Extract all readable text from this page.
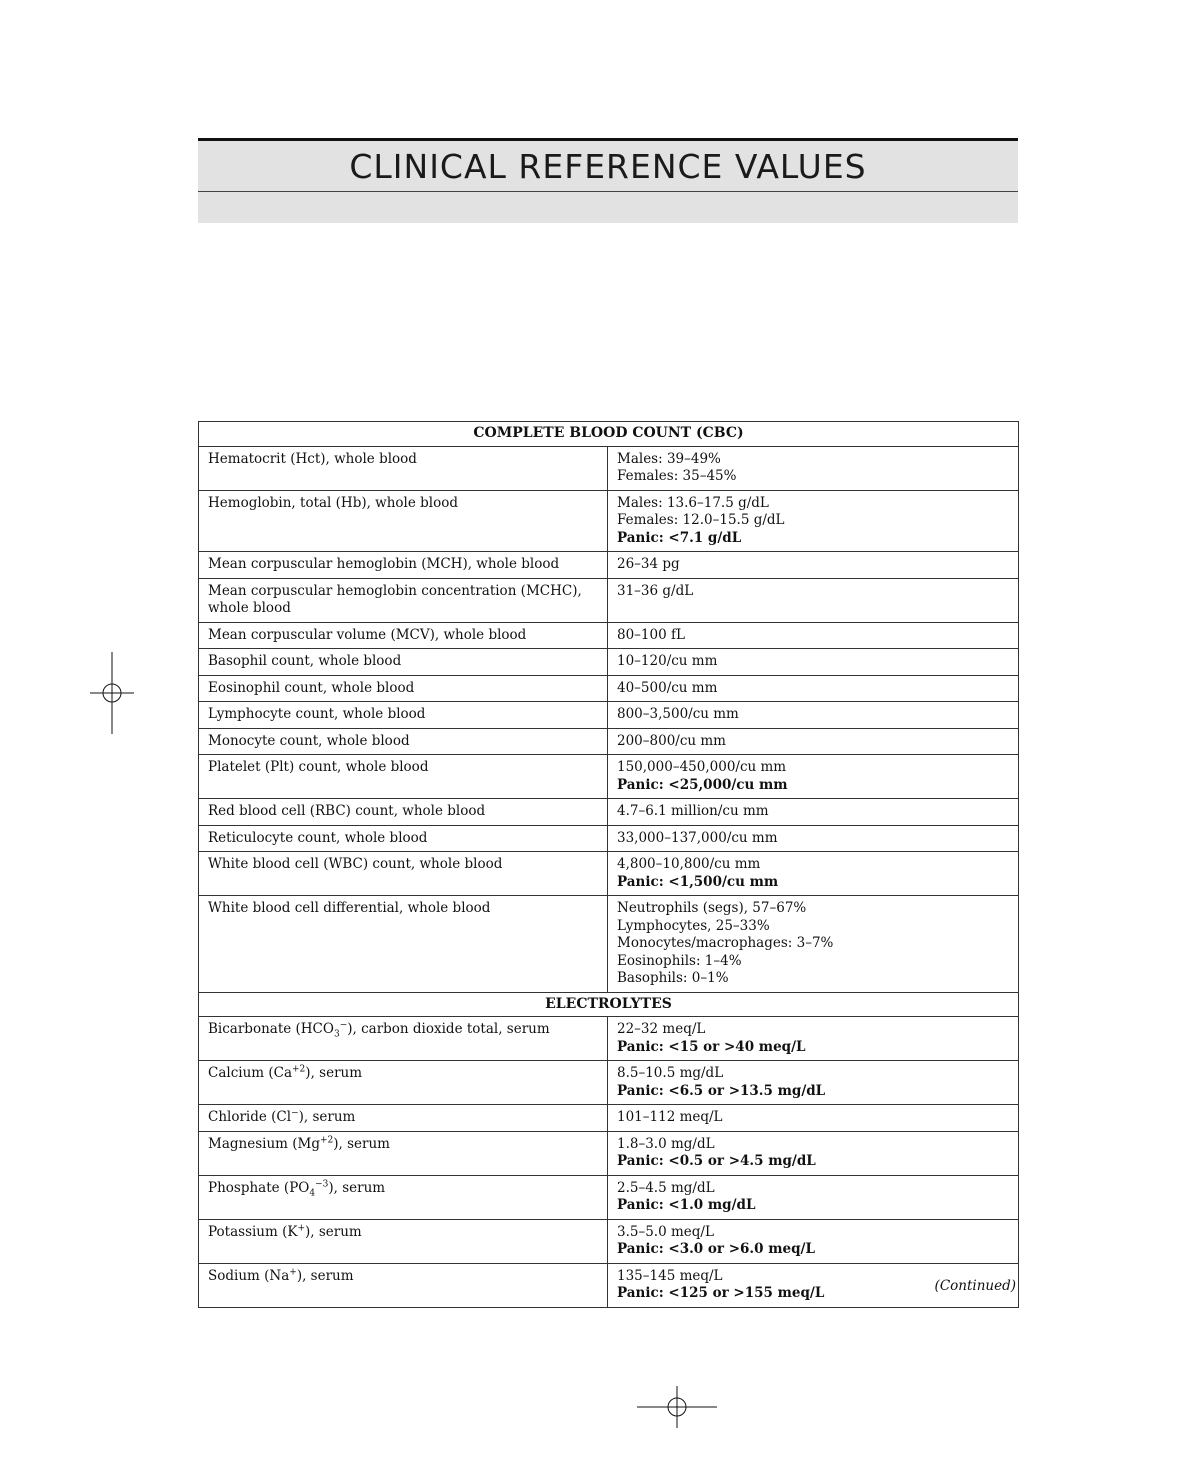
CLINICAL REFERENCE VALUES
COMPLETE BLOOD COUNT (CBC)	
Hematocrit (Hct), whole blood	Males: 39–49%
Females: 35–45%

Hemoglobin, total (Hb), whole blood	Males: 13.6–17.5 g/dL
Females: 12.0–15.5 g/dL
Panic: <7.1 g/dL

Mean corpuscular hemoglobin (MCH), whole blood	26–34 pg

Mean corpuscular hemoglobin concentration (MCHC), whole blood	31–36 g/dL

Mean corpuscular volume (MCV), whole blood	80–100 fL

Basophil count, whole blood	10–120/cu mm

Eosinophil count, whole blood	40–500/cu mm

Lymphocyte count, whole blood	800–3,500/cu mm

Monocyte count, whole blood	200–800/cu mm

Platelet (Plt) count, whole blood	150,000–450,000/cu mm
Panic: <25,000/cu mm

Red blood cell (RBC) count, whole blood	4.7–6.1 million/cu mm

Reticulocyte count, whole blood	33,000–137,000/cu mm

White blood cell (WBC) count, whole blood	4,800–10,800/cu mm
Panic: <1,500/cu mm

White blood cell differential, whole blood	Neutrophils (segs), 57–67%
Lymphocytes, 25–33%
Monocytes/macrophages: 3–7%
Eosinophils: 1–4%
Basophils: 0–1%

ELECTROLYTES	
Bicarbonate $(HCO_3^-)$, carbon dioxide total, serum	22–32 meq/L
Panic: <15 or >40 meq/L

Calcium $(Ca^{+2})$, serum	8.5–10.5 mg/dL
Panic: <6.5 or >13.5 mg/dL

Chloride (Cl−), serum	101–112 meq/L

Magnesium $(Mg^{+2})$, serum	1.8–3.0 mg/dL
Panic: <0.5 or >4.5 mg/dL

Phosphate $(PO_4^{-3})$, serum	2.5–4.5 mg/dL
Panic: <1.0 mg/dL

Potassium (K+), serum	3.5–5.0 meq/L
Panic: <3.0 or >6.0 meq/L

Sodium (Na+), serum	135–145 meq/L
Panic: <125 or >155 meq/L	(Continued)
